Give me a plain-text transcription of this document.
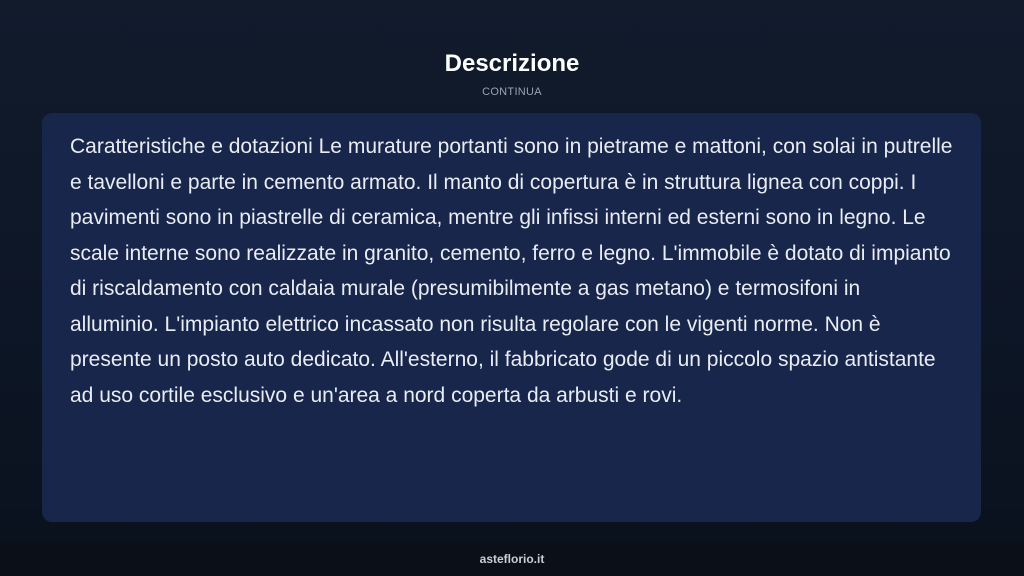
Descrizione
CONTINUA

Caratteristiche e dotazioni Le murature portanti sono in pietrame e mattoni, con solai in putrelle e tavelloni e parte in cemento armato. Il manto di copertura è in struttura lignea con coppi. I pavimenti sono in piastrelle di ceramica, mentre gli infissi interni ed esterni sono in legno. Le scale interne sono realizzate in granito, cemento, ferro e legno. L'immobile è dotato di impianto di riscaldamento con caldaia murale (presumibilmente a gas metano) e termosifoni in alluminio. L'impianto elettrico incassato non risulta regolare con le vigenti norme. Non è presente un posto auto dedicato. All'esterno, il fabbricato gode di un piccolo spazio antistante ad uso cortile esclusivo e un'area a nord coperta da arbusti e rovi.

asteflorio.it
